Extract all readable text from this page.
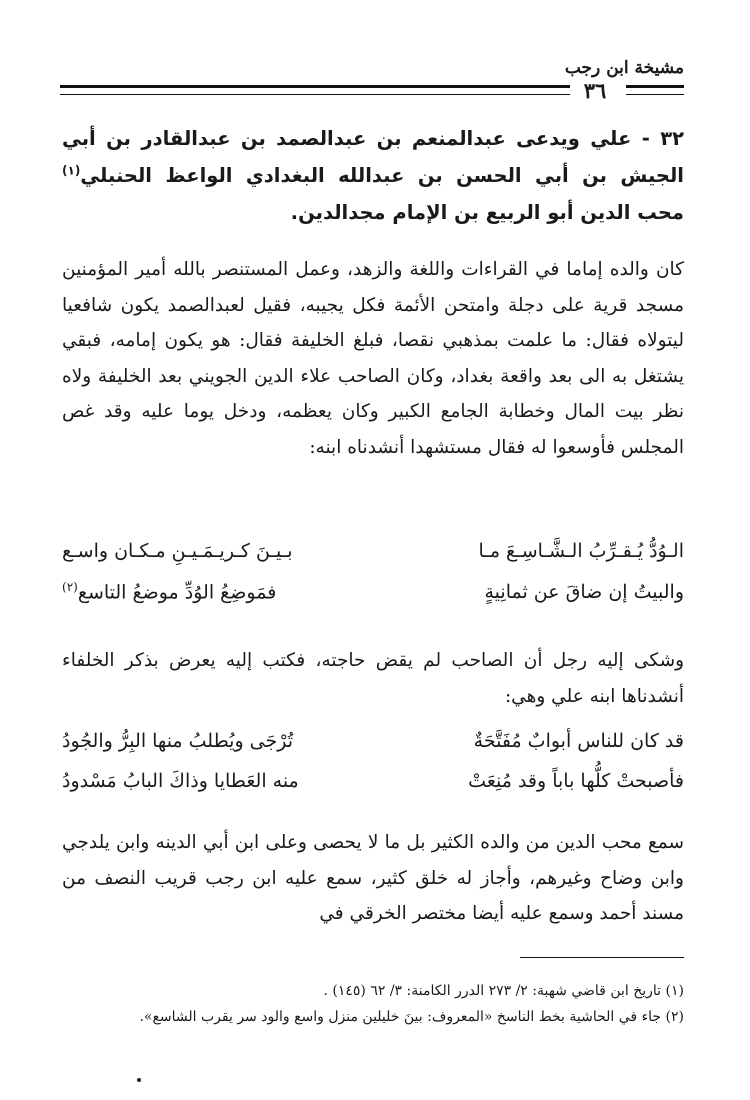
مشيخة ابن رجب
٣٦
٣٢ - علي ويدعى عبدالمنعم بن عبدالصمد بن عبدالقادر بن أبي الجيش بن أبي الحسن بن عبدالله البغدادي الواعظ الحنبلي$^{(١)}$ محب الدين أبو الربيع بن الإمام مجدالدين.
كان والده إماما في القراءات واللغة والزهد، وعمل المستنصر بالله أمير المؤمنين مسجد قرية على دجلة وامتحن الأئمة فكل يجيبه، فقيل لعبدالصمد يكون شافعيا ليتولاه فقال: ما علمت بمذهبي نقصا، فبلغ الخليفة فقال: هو يكون إمامه، فبقي يشتغل به الى بعد واقعة بغداد، وكان الصاحب علاء الدين الجويني بعد الخليفة ولاه نظر بيت المال وخطابة الجامع الكبير وكان يعظمه، ودخل يوما عليه وقد غص المجلس فأوسعوا له فقال مستشهدا أنشدناه ابنه:
الـوُدُّ يُـقـرِّبُ الـشَّـاسِـعَ مـا
بـيـنَ كـريـمَـيـنِ مـكـان واسـع
والبيتُ إن ضاقَ عن ثمانِيةٍ
فمَوضِعُ الوُدِّ موضعُ التاسع$^{(٢)}$
وشكى إليه رجل أن الصاحب لم يقض حاجته، فكتب إليه يعرض بذكر الخلفاء أنشدناها ابنه علي وهي:
قد كان للناس أبوابٌ مُفَتَّحَةٌ
تُرْجَى ويُطلبُ منها البِرُّ والجُودُ
فأصبحتْ كلُّها باباً وقد مُنِعَتْ
منه العَطايا وذاكَ البابُ مَسْدودُ
سمع محب الدين من والده الكثير بل ما لا يحصى وعلى ابن أبي الدينه وابن يلدجي وابن وضاح وغيرهم، وأجاز له خلق كثير، سمع عليه ابن رجب قريب النصف من مسند أحمد وسمع عليه أيضا مختصر الخرقي في
(١) تاريخ ابن قاضي شهبة: ٢/ ٢٧٣ الدرر الكامنة: ٣/ ٦٢ (١٤٥) .
(٢) جاء في الحاشية بخط الناسخ «المعروف: بينَ خليلين منزل واسع والود سر يقرب الشاسع».
